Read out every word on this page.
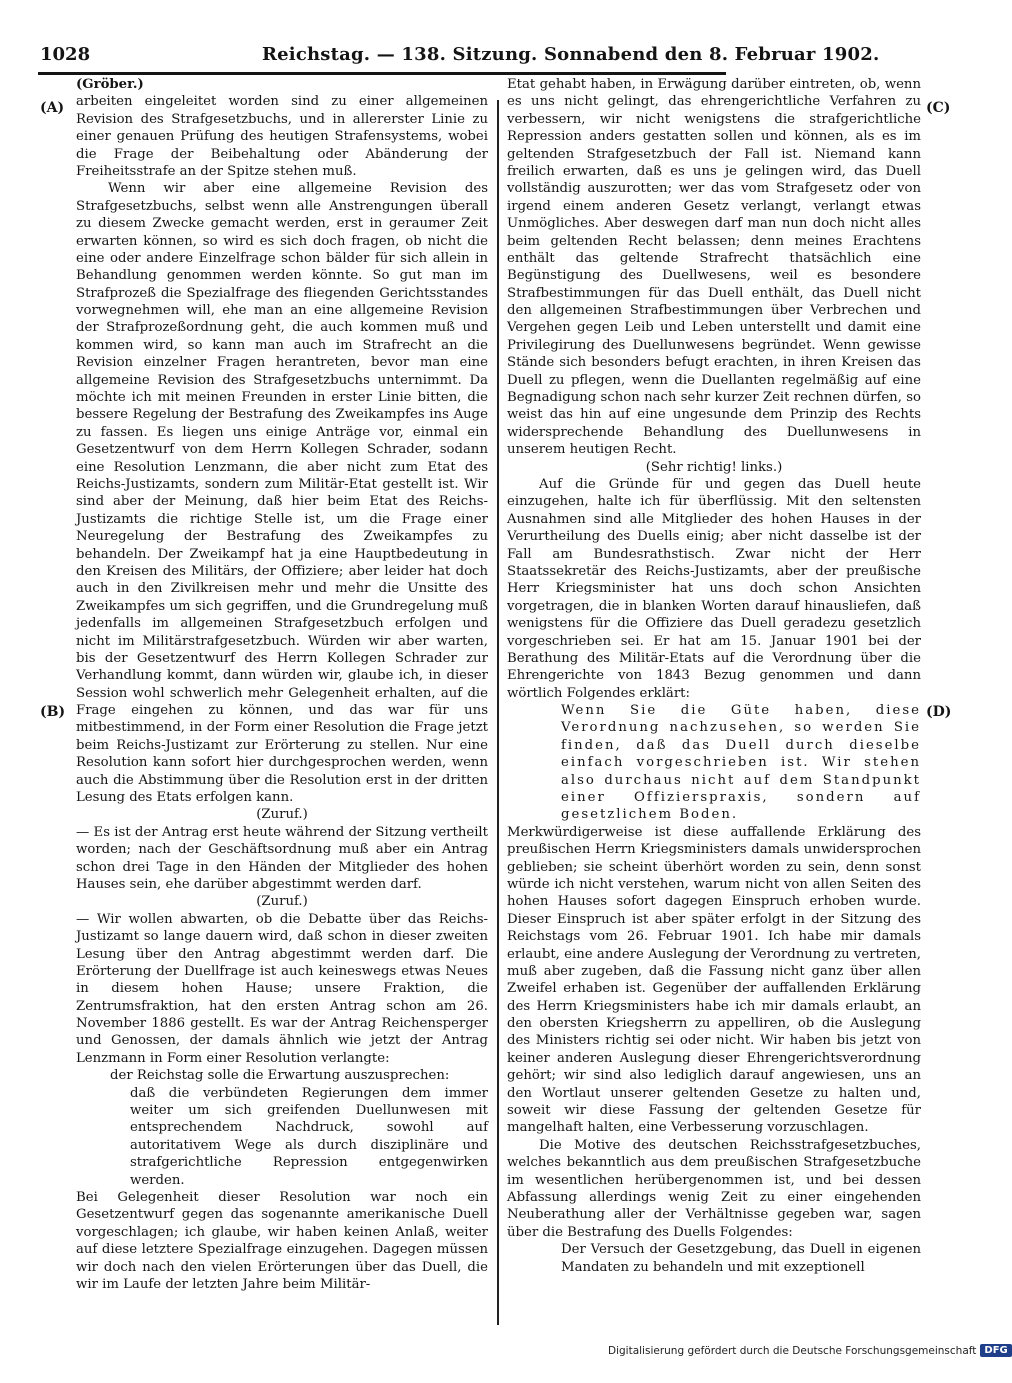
1028	Reichstag. — 138. Sitzung. Sonnabend den 8. Februar 1902.
(A)
(B)
(C)
(D)

(Gröber.)

arbeiten eingeleitet worden sind zu einer allgemeinen Revision des Strafgesetzbuchs, und in allererster Linie zu einer genauen Prüfung des heutigen Strafensystems, wobei die Frage der Beibehaltung oder Abänderung der Freiheitsstrafe an der Spitze stehen muß.

Wenn wir aber eine allgemeine Revision des Strafgesetzbuchs, selbst wenn alle Anstrengungen überall zu diesem Zwecke gemacht werden, erst in geraumer Zeit erwarten können, so wird es sich doch fragen, ob nicht die eine oder andere Einzelfrage schon bälder für sich allein in Behandlung genommen werden könnte. So gut man im Strafprozeß die Spezialfrage des fliegenden Gerichtsstandes vorwegnehmen will, ehe man an eine allgemeine Revision der Strafprozeßordnung geht, die auch kommen muß und kommen wird, so kann man auch im Strafrecht an die Revision einzelner Fragen herantreten, bevor man eine allgemeine Revision des Strafgesetzbuchs unternimmt. Da möchte ich mit meinen Freunden in erster Linie bitten, die bessere Regelung der Bestrafung des Zweikampfes ins Auge zu fassen. Es liegen uns einige Anträge vor, einmal ein Gesetzentwurf von dem Herrn Kollegen Schrader, sodann eine Resolution Lenzmann, die aber nicht zum Etat des Reichs-Justizamts, sondern zum Militär-Etat gestellt ist. Wir sind aber der Meinung, daß hier beim Etat des Reichs-Justizamts die richtige Stelle ist, um die Frage einer Neuregelung der Bestrafung des Zweikampfes zu behandeln. Der Zweikampf hat ja eine Hauptbedeutung in den Kreisen des Militärs, der Offiziere; aber leider hat doch auch in den Zivilkreisen mehr und mehr die Unsitte des Zweikampfes um sich gegriffen, und die Grundregelung muß jedenfalls im allgemeinen Strafgesetzbuch erfolgen und nicht im Militärstrafgesetzbuch. Würden wir aber warten, bis der Gesetzentwurf des Herrn Kollegen Schrader zur Verhandlung kommt, dann würden wir, glaube ich, in dieser Session wohl schwerlich mehr Gelegenheit erhalten, auf die Frage eingehen zu können, und das war für uns mitbestimmend, in der Form einer Resolution die Frage jetzt beim Reichs-Justizamt zur Erörterung zu stellen. Nur eine Resolution kann sofort hier durchgesprochen werden, wenn auch die Abstimmung über die Resolution erst in der dritten Lesung des Etats erfolgen kann.

(Zuruf.)

— Es ist der Antrag erst heute während der Sitzung vertheilt worden; nach der Geschäftsordnung muß aber ein Antrag schon drei Tage in den Händen der Mitglieder des hohen Hauses sein, ehe darüber abgestimmt werden darf.

(Zuruf.)

— Wir wollen abwarten, ob die Debatte über das Reichs-Justizamt so lange dauern wird, daß schon in dieser zweiten Lesung über den Antrag abgestimmt werden darf. Die Erörterung der Duellfrage ist auch keineswegs etwas Neues in diesem hohen Hause; unsere Fraktion, die Zentrumsfraktion, hat den ersten Antrag schon am 26. November 1886 gestellt. Es war der Antrag Reichensperger und Genossen, der damals ähnlich wie jetzt der Antrag Lenzmann in Form einer Resolution verlangte:

der Reichstag solle die Erwartung auszusprechen:

daß die verbündeten Regierungen dem immer weiter um sich greifenden Duellunwesen mit entsprechendem Nachdruck, sowohl auf autoritativem Wege als durch disziplinäre und strafgerichtliche Repression entgegenwirken werden.

Bei Gelegenheit dieser Resolution war noch ein Gesetzentwurf gegen das sogenannte amerikanische Duell vorgeschlagen; ich glaube, wir haben keinen Anlaß, weiter auf diese letztere Spezialfrage einzugehen. Dagegen müssen wir doch nach den vielen Erörterungen über das Duell, die wir im Laufe der letzten Jahre beim Militär-

Etat gehabt haben, in Erwägung darüber eintreten, ob, wenn es uns nicht gelingt, das ehrengerichtliche Verfahren zu verbessern, wir nicht wenigstens die strafgerichtliche Repression anders gestatten sollen und können, als es im geltenden Strafgesetzbuch der Fall ist. Niemand kann freilich erwarten, daß es uns je gelingen wird, das Duell vollständig auszurotten; wer das vom Strafgesetz oder von irgend einem anderen Gesetz verlangt, verlangt etwas Unmögliches. Aber deswegen darf man nun doch nicht alles beim geltenden Recht belassen; denn meines Erachtens enthält das geltende Strafrecht thatsächlich eine Begünstigung des Duellwesens, weil es besondere Strafbestimmungen für das Duell enthält, das Duell nicht den allgemeinen Strafbestimmungen über Verbrechen und Vergehen gegen Leib und Leben unterstellt und damit eine Privilegirung des Duellunwesens begründet. Wenn gewisse Stände sich besonders befugt erachten, in ihren Kreisen das Duell zu pflegen, wenn die Duellanten regelmäßig auf eine Begnadigung schon nach sehr kurzer Zeit rechnen dürfen, so weist das hin auf eine ungesunde dem Prinzip des Rechts widersprechende Behandlung des Duellunwesens in unserem heutigen Recht.

(Sehr richtig! links.)

Auf die Gründe für und gegen das Duell heute einzugehen, halte ich für überflüssig. Mit den seltensten Ausnahmen sind alle Mitglieder des hohen Hauses in der Verurtheilung des Duells einig; aber nicht dasselbe ist der Fall am Bundesrathstisch. Zwar nicht der Herr Staatssekretär des Reichs-Justizamts, aber der preußische Herr Kriegsminister hat uns doch schon Ansichten vorgetragen, die in blanken Worten darauf hinausliefen, daß wenigstens für die Offiziere das Duell geradezu gesetzlich vorgeschrieben sei. Er hat am 15. Januar 1901 bei der Berathung des Militär-Etats auf die Verordnung über die Ehrengerichte von 1843 Bezug genommen und dann wörtlich Folgendes erklärt:

Wenn Sie die Güte haben, diese Verordnung nachzusehen, so werden Sie finden, daß das Duell durch dieselbe einfach vorgeschrieben ist. Wir stehen also durchaus nicht auf dem Standpunkt einer Offizierspraxis, sondern auf gesetzlichem Boden.

Merkwürdigerweise ist diese auffallende Erklärung des preußischen Herrn Kriegsministers damals unwidersprochen geblieben; sie scheint überhört worden zu sein, denn sonst würde ich nicht verstehen, warum nicht von allen Seiten des hohen Hauses sofort dagegen Einspruch erhoben wurde. Dieser Einspruch ist aber später erfolgt in der Sitzung des Reichstags vom 26. Februar 1901. Ich habe mir damals erlaubt, eine andere Auslegung der Verordnung zu vertreten, muß aber zugeben, daß die Fassung nicht ganz über allen Zweifel erhaben ist. Gegenüber der auffallenden Erklärung des Herrn Kriegsministers habe ich mir damals erlaubt, an den obersten Kriegsherrn zu appelliren, ob die Auslegung des Ministers richtig sei oder nicht. Wir haben bis jetzt von keiner anderen Auslegung dieser Ehrengerichtsverordnung gehört; wir sind also lediglich darauf angewiesen, uns an den Wortlaut unserer geltenden Gesetze zu halten und, soweit wir diese Fassung der geltenden Gesetze für mangelhaft halten, eine Verbesserung vorzuschlagen.

Die Motive des deutschen Reichsstrafgesetzbuches, welches bekanntlich aus dem preußischen Strafgesetzbuche im wesentlichen herübergenommen ist, und bei dessen Abfassung allerdings wenig Zeit zu einer eingehenden Neuberathung aller der Verhältnisse gegeben war, sagen über die Bestrafung des Duells Folgendes:

Der Versuch der Gesetzgebung, das Duell in eigenen Mandaten zu behandeln und mit exzeptionell

Digitalisierung gefördert durch die Deutsche Forschungsgemeinschaft DFG
